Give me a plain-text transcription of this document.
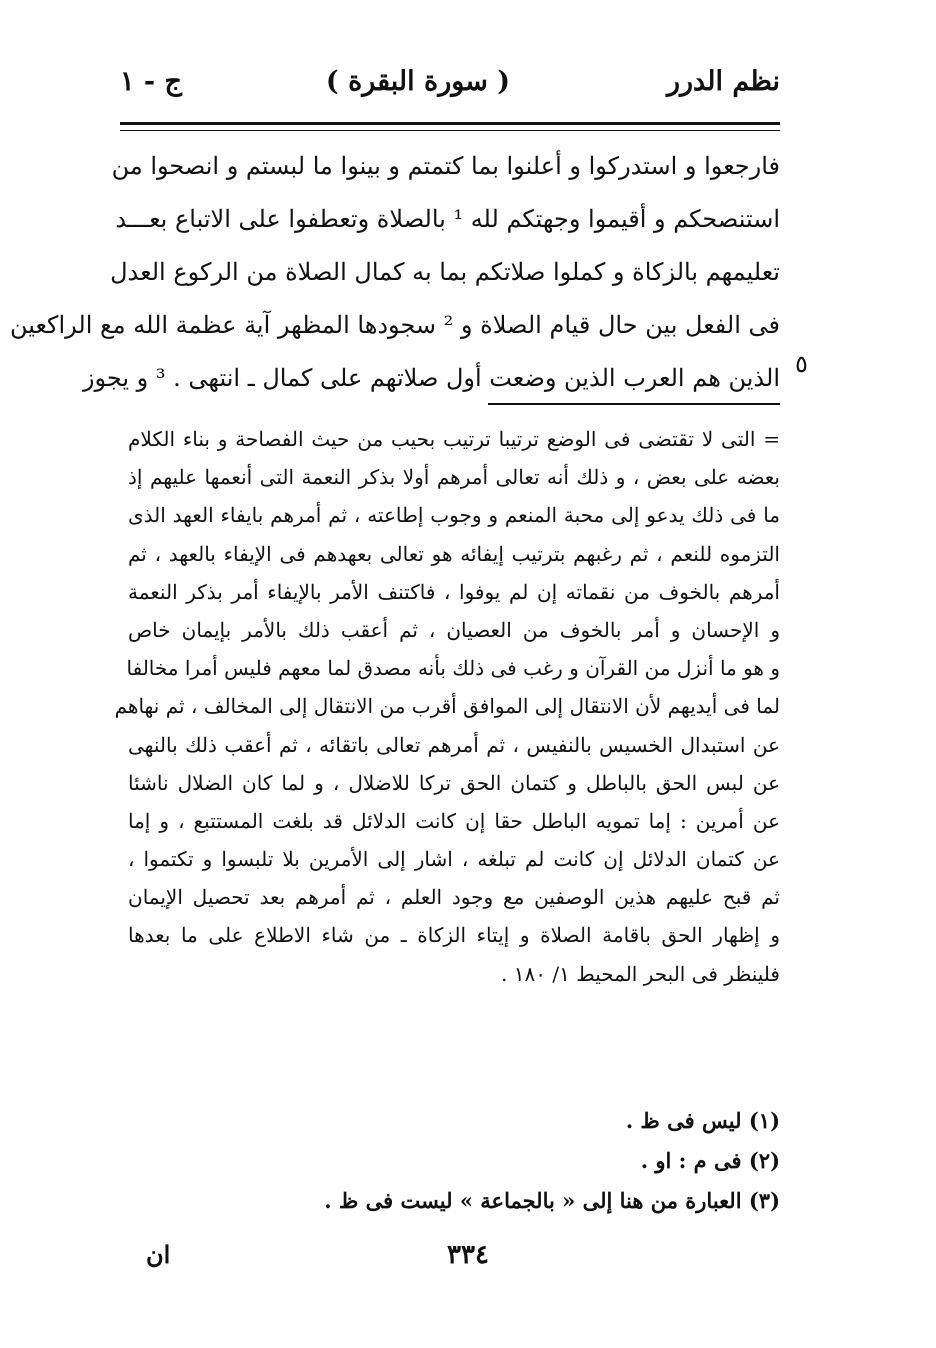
نظم الدرر
( سورة البقرة )
ج - ١
فارجعوا و استدركوا و أعلنوا بما كتمتم و بينوا ما لبستم و انصحوا من
استنصحكم و أقيموا وجهتكم لله ¹ بالصلاة وتعطفوا على الاتباع بعـــد
تعليمهم بالزكاة و كملوا صلاتكم بما به كمال الصلاة من الركوع العدل
فى الفعل بين حال قيام الصلاة و ² سجودها المظهر آية عظمة الله مع الراكعين
الذين هم العرب الذين وضعت أول صلاتهم على كمال ـ انتهى . ³ و يجوز ٥
= التى لا تقتضى فى الوضع ترتيبا ترتيب بحيب من حيث الفصاحة و بناء الكلام
بعضه على بعض ، و ذلك أنه تعالى أمرهم أولا بذكر النعمة التى أنعمها عليهم إذ
ما فى ذلك يدعو إلى محبة المنعم و وجوب إطاعته ، ثم أمرهم بايفاء العهد الذى
التزموه للنعم ، ثم رغبهم بترتيب إيفائه هو تعالى بعهدهم فى الإيفاء بالعهد ، ثم
أمرهم بالخوف من نقماته إن لم يوفوا ، فاكتنف الأمر بالإيفاء أمر بذكر النعمة
و الإحسان و أمر بالخوف من العصيان ، ثم أعقب ذلك بالأمر بإيمان خاص
و هو ما أنزل من القرآن و رغب فى ذلك بأنه مصدق لما معهم فليس أمرا مخالفا
لما فى أيديهم لأن الانتقال إلى الموافق أقرب من الانتقال إلى المخالف ، ثم نهاهم
عن استبدال الخسيس بالنفيس ، ثم أمرهم تعالى باتقائه ، ثم أعقب ذلك بالنهى
عن لبس الحق بالباطل و كتمان الحق تركا للاضلال ، و لما كان الضلال ناشئا
عن أمرين : إما تمويه الباطل حقا إن كانت الدلائل قد بلغت المستتبع ، و إما
عن كتمان الدلائل إن كانت لم تبلغه ، اشار إلى الأمرين بلا تلبسوا و تكتموا ،
ثم قبح عليهم هذين الوصفين مع وجود العلم ، ثم أمرهم بعد تحصيل الإيمان
و إظهار الحق باقامة الصلاة و إيتاء الزكاة ـ من شاء الاطلاع على ما بعدها
فلينظر فى البحر المحيط ١/ ١٨٠ .
(١) ليس فى ظ .
(٢) فى م : او .
(٣) العبارة من هنا إلى « بالجماعة » ليست فى ظ .
٣٣٤
ان
